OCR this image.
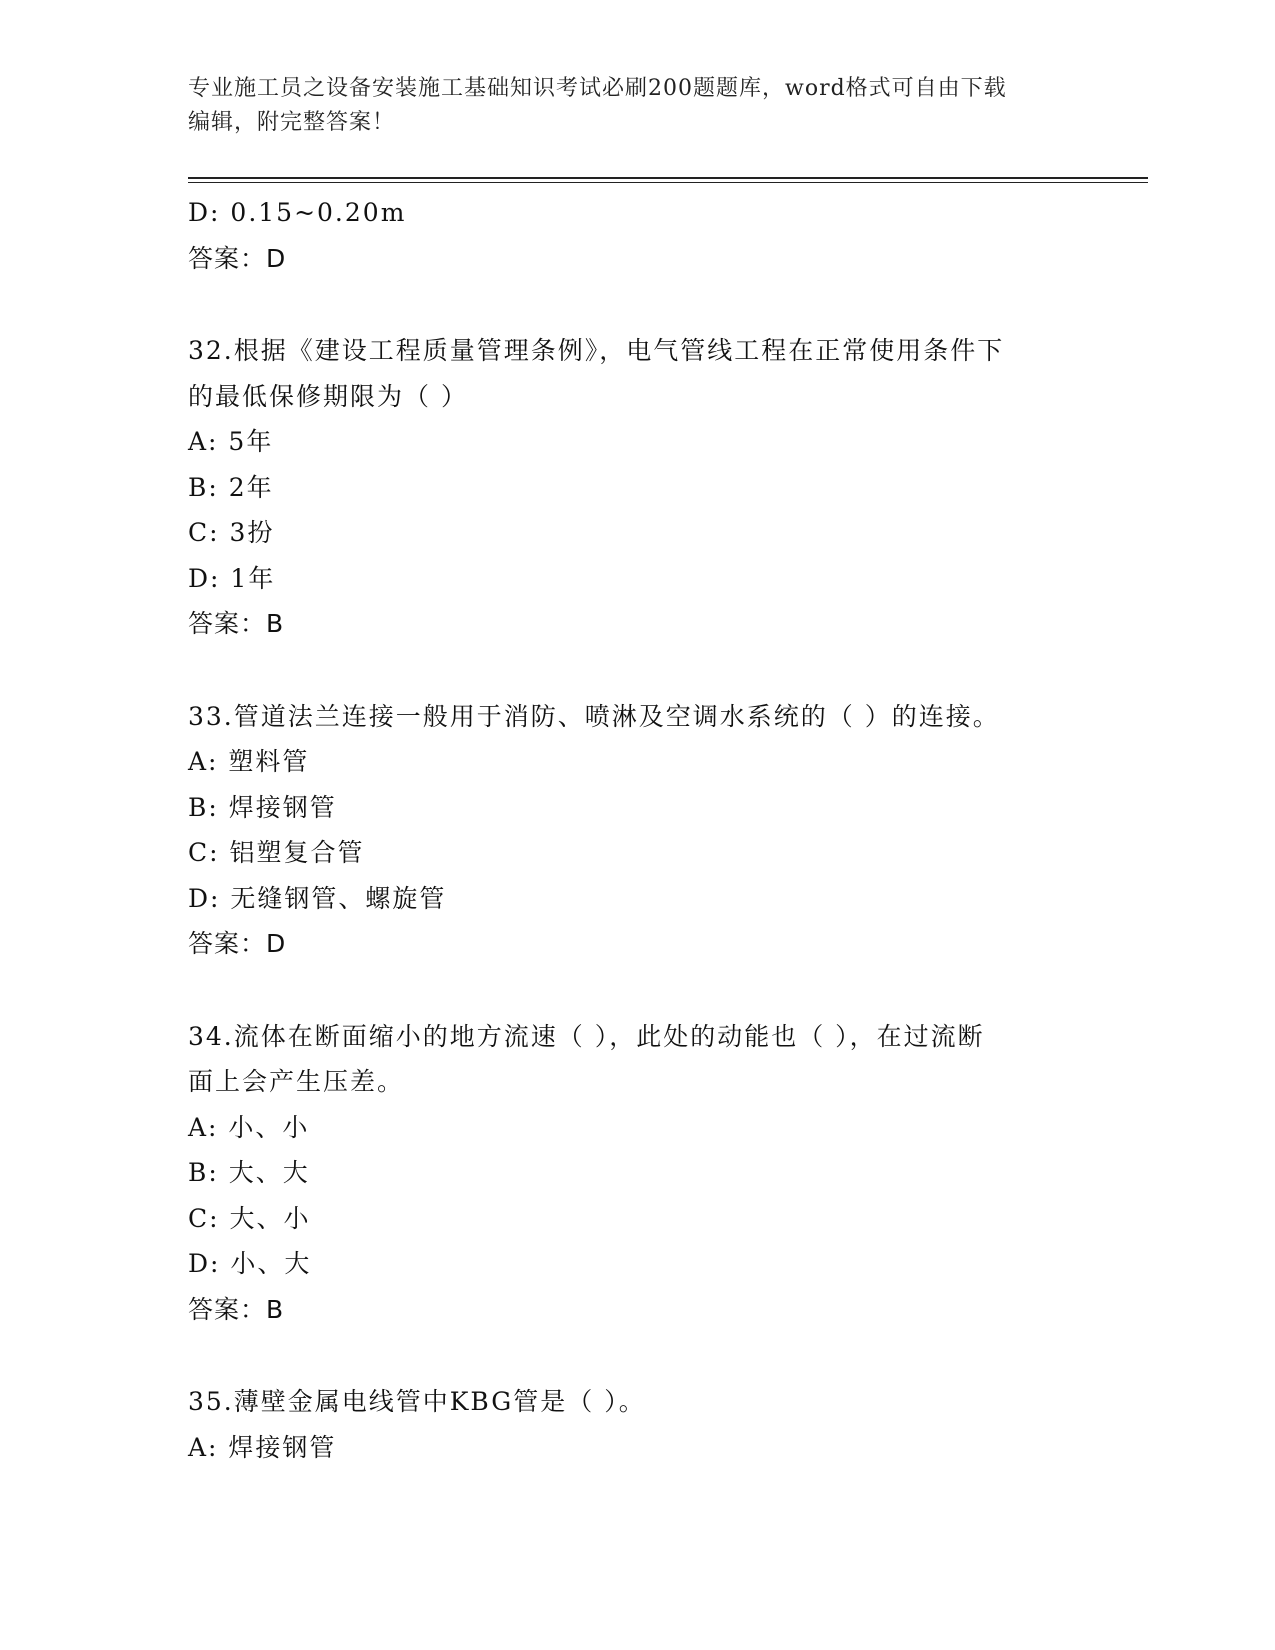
专业施工员之设备安装施工基础知识考试必刷200题题库，word格式可自由下载
编辑，附完整答案！
D: 0.15~0.20m
答案：D
32.根据《建设工程质量管理条例》，电气管线工程在正常使用条件下
的最低保修期限为（ ）
A: 5年
B: 2年
C: 3扮
D: 1年
答案：B
33.管道法兰连接一般用于消防、喷淋及空调水系统的（ ）的连接。
A: 塑料管
B: 焊接钢管
C: 铝塑复合管
D: 无缝钢管、螺旋管
答案：D
34.流体在断面缩小的地方流速（ ），此处的动能也（ ），在过流断
面上会产生压差。
A: 小、小
B: 大、大
C: 大、小
D: 小、大
答案：B
35.薄壁金属电线管中KBG管是（ ）。
A: 焊接钢管
